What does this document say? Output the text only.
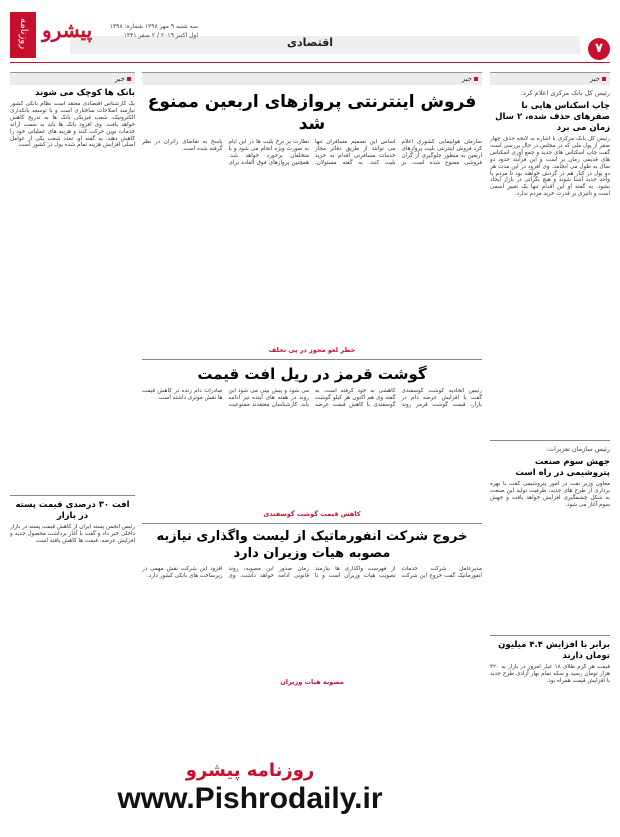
۷
اقتصادی
سه شنبه ۹ مهر ۱۳۹۸ شماره: ۱۳۹۸
اول اکتبر ۲۰۱۹ / ۲ صفر ۱۴۴۱
پیشرو
روزنامه
خبر
رئیس کل بانک مرکزی اعلام کرد:
چاپ اسکناس هایی با صفرهای حذف شده، ۲ سال زمان می برد
رئیس کل بانک مرکزی با اشاره به لایحه حذف چهار صفر از پول ملی که در مجلس در حال بررسی است گفت چاپ اسکناس های جدید و جمع آوری اسکناس های قدیمی زمان بر است و این فرآیند حدود دو سال به طول می انجامد. وی افزود در این مدت هر دو پول در کنار هم در گردش خواهند بود تا مردم با واحد جدید آشنا شوند و هیچ نگرانی در بازار ایجاد نشود. به گفته او این اقدام تنها یک تغییر اسمی است و تاثیری بر قدرت خرید مردم ندارد.
رئیس سازمان تعزیرات:
جهش سوم صنعت پتروشیمی در راه است
معاون وزیر نفت در امور پتروشیمی گفت با بهره برداری از طرح های جدید، ظرفیت تولید این صنعت به شکل چشمگیری افزایش خواهد یافت و جهش سوم آغاز می شود.
برابر با افزایش ۴.۴ میلیون تومان دارند
قیمت هر گرم طلای ۱۸ عیار امروز در بازار به ۴۲۰ هزار تومان رسید و سکه تمام بهار آزادی طرح جدید با افزایش قیمت همراه بود.
خبر
فروش اینترنتی پروازهای اربعین ممنوع شد
سازمان هواپیمایی کشوری اعلام کرد فروش اینترنتی بلیت پروازهای اربعین به منظور جلوگیری از گران فروشی ممنوع شده است. بر اساس این تصمیم مسافران تنها می توانند از طریق دفاتر مجاز خدمات مسافرتی اقدام به خرید بلیت کنند. به گفته مسئولان، نظارت بر نرخ بلیت ها در این ایام به صورت ویژه انجام می شود و با متخلفان برخورد خواهد شد. همچنین پروازهای فوق العاده برای پاسخ به تقاضای زائران در نظر گرفته شده است.
خطر لغو مجوز در پی تخلف
گوشت قرمز در ریل افت قیمت
رئیس اتحادیه گوشت گوسفندی گفت با افزایش عرضه دام در بازار، قیمت گوشت قرمز روند کاهشی به خود گرفته است. به گفته وی هم اکنون هر کیلو گوشت گوسفندی با کاهش قیمت عرضه می شود و پیش بینی می شود این روند در هفته های آینده نیز ادامه یابد. کارشناسان معتقدند ممنوعیت صادرات دام زنده در کاهش قیمت ها نقش موثری داشته است.
کاهش قیمت گوشت گوسفندی
خروج شرکت انفورماتیک از لیست واگذاری نیازبه مصوبه هیات وزیران دارد
مدیرعامل شرکت خدمات انفورماتیک گفت خروج این شرکت از فهرست واگذاری ها نیازمند تصویب هیات وزیران است و تا زمان صدور این مصوبه، روند قانونی ادامه خواهد داشت. وی افزود این شرکت نقش مهمی در زیرساخت های بانکی کشور دارد.
مصوبه هیات وزیران
خبر
بانک ها کوچک می شوند
یک کارشناس اقتصادی معتقد است نظام بانکی کشور نیازمند اصلاحات ساختاری است و با توسعه بانکداری الکترونیک، شعب فیزیکی بانک ها به تدریج کاهش خواهد یافت. وی افزود بانک ها باید به سمت ارائه خدمات نوین حرکت کنند و هزینه های عملیاتی خود را کاهش دهند. به گفته او، تعدد شعب یکی از عوامل اصلی افزایش هزینه تمام شده پول در کشور است.
افت ۳۰ درصدی قیمت پسته در بازار
رئیس انجمن پسته ایران از کاهش قیمت پسته در بازار داخلی خبر داد و گفت با آغاز برداشت محصول جدید و افزایش عرضه، قیمت ها کاهش یافته است.
روزنامه پیشرو
www.Pishrodaily.ir
